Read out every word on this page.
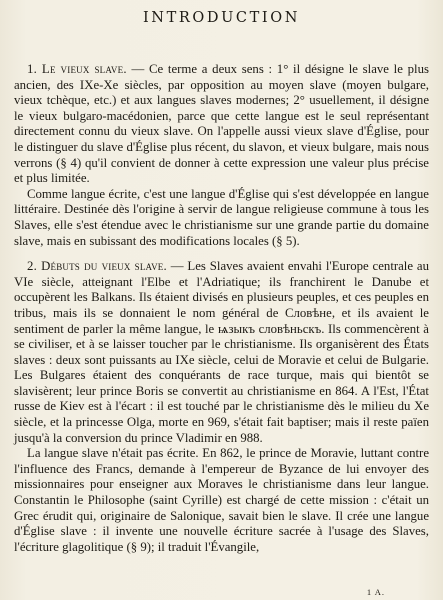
INTRODUCTION

1. Le vieux slave. — Ce terme a deux sens : 1° il désigne le slave le plus ancien, des IXe-Xe siècles, par opposition au moyen slave (moyen bulgare, vieux tchèque, etc.) et aux langues slaves modernes; 2° usuellement, il désigne le vieux bulgaro-macédonien, parce que cette langue est le seul représentant directement connu du vieux slave. On l'appelle aussi vieux slave d'Église, pour le distinguer du slave d'Église plus récent, du slavon, et vieux bulgare, mais nous verrons (§ 4) qu'il convient de donner à cette expression une valeur plus précise et plus limitée.

Comme langue écrite, c'est une langue d'Église qui s'est développée en langue littéraire. Destinée dès l'origine à servir de langue religieuse commune à tous les Slaves, elle s'est étendue avec le christianisme sur une grande partie du domaine slave, mais en subissant des modifications locales (§ 5).

2. Débuts du vieux slave. — Les Slaves avaient envahi l'Europe centrale au VIe siècle, atteignant l'Elbe et l'Adriatique; ils franchirent le Danube et occupèrent les Balkans. Ils étaient divisés en plusieurs peuples, et ces peuples en tribus, mais ils se donnaient le nom général de Словѣне, et ils avaient le sentiment de parler la même langue, le ѩзыкъ словѣньскъ. Ils commencèrent à se civiliser, et à se laisser toucher par le christianisme. Ils organisèrent des États slaves : deux sont puissants au IXe siècle, celui de Moravie et celui de Bulgarie. Les Bulgares étaient des conquérants de race turque, mais qui bientôt se slavisèrent; leur prince Boris se convertit au christianisme en 864. A l'Est, l'État russe de Kiev est à l'écart : il est touché par le christianisme dès le milieu du Xe siècle, et la princesse Olga, morte en 969, s'était fait baptiser; mais il reste païen jusqu'à la conversion du prince Vladimir en 988.

La langue slave n'était pas écrite. En 862, le prince de Moravie, luttant contre l'influence des Francs, demande à l'empereur de Byzance de lui envoyer des missionnaires pour enseigner aux Moraves le christianisme dans leur langue. Constantin le Philosophe (saint Cyrille) est chargé de cette mission : c'était un Grec érudit qui, originaire de Salonique, savait bien le slave. Il crée une langue d'Église slave : il invente une nouvelle écriture sacrée à l'usage des Slaves, l'écriture glagolitique (§ 9); il traduit l'Évangile,

1 A.
